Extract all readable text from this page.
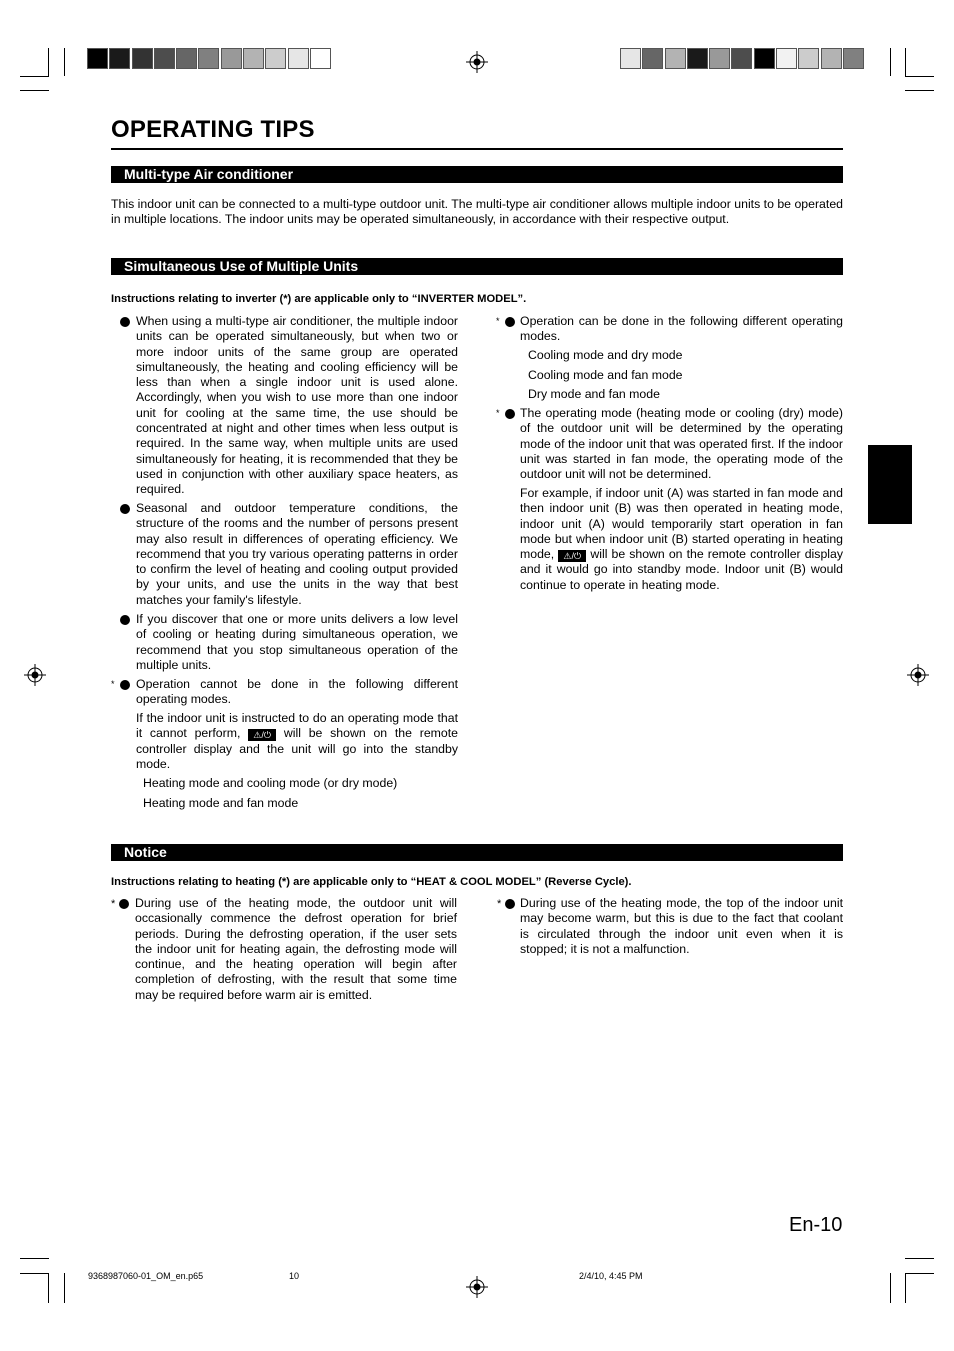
OPERATING TIPS
Multi-type Air conditioner
This indoor unit can be connected to a multi-type outdoor unit. The multi-type air conditioner allows multiple indoor units to be operated in multiple locations. The indoor units may be operated simultaneously, in accordance with their respective output.
Simultaneous Use of Multiple Units
Instructions relating to inverter (*) are applicable only to “INVERTER MODEL”.
When using a multi-type air conditioner, the multiple indoor units can be operated simultaneously, but when two or more indoor units of the same group are operated simultaneously, the heating and cooling efficiency will be less than when a single indoor unit is used alone. Accordingly, when you wish to use more than one indoor unit for cooling at the same time, the use should be concentrated at night and other times when less output is required. In the same way, when multiple units are used simultaneously for heating, it is recommended that they be used in conjunction with other auxiliary space heaters, as required.
Seasonal and outdoor temperature conditions, the structure of the rooms and the number of persons present may also result in differences of operating efficiency. We recommend that you try various operating patterns in order to confirm the level of heating and cooling output provided by your units, and use the units in the way that best matches your family's lifestyle.
If you discover that one or more units delivers a low level of cooling or heating during simultaneous operation, we recommend that you stop simultaneous operation of the multiple units.
* Operation cannot be done in the following different operating modes.
If the indoor unit is instructed to do an operating mode that it cannot perform, ⚠/⏻ will be shown on the remote controller display and the unit will go into the standby mode.
Heating mode and cooling mode (or dry mode)
Heating mode and fan mode
* Operation can be done in the following different operating modes.
Cooling mode and dry mode
Cooling mode and fan mode
Dry mode and fan mode
* The operating mode (heating mode or cooling (dry) mode) of the outdoor unit will be determined by the operating mode of the indoor unit that was operated first. If the indoor unit was started in fan mode, the operating mode of the outdoor unit will not be determined.
For example, if indoor unit (A) was started in fan mode and then indoor unit (B) was then operated in heating mode, indoor unit (A) would temporarily start operation in fan mode but when indoor unit (B) started operating in heating mode, ⚠/⏻ will be shown on the remote controller display and it would go into standby mode. Indoor unit (B) would continue to operate in heating mode.
Notice
Instructions relating to heating (*) are applicable only to “HEAT & COOL MODEL” (Reverse Cycle).
* During use of the heating mode, the outdoor unit will occasionally commence the defrost operation for brief periods. During the defrosting operation, if the user sets the indoor unit for heating again, the defrosting mode will continue, and the heating operation will begin after completion of defrosting, with the result that some time may be required before warm air is emitted.
* During use of the heating mode, the top of the indoor unit may become warm, but this is due to the fact that coolant is circulated through the indoor unit even when it is stopped; it is not a malfunction.
En-10
9368987060-01_OM_en.p65	10	2/4/10, 4:45 PM
